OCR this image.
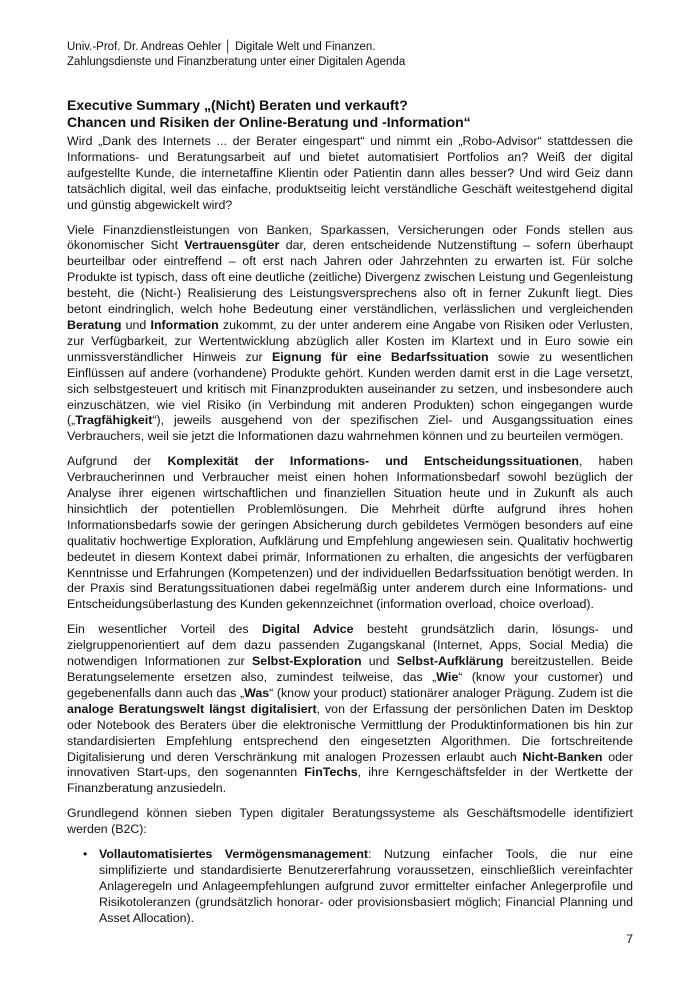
Univ.-Prof. Dr. Andreas Oehler │ Digitale Welt und Finanzen.
Zahlungsdienste und Finanzberatung unter einer Digitalen Agenda
Executive Summary „(Nicht) Beraten und verkauft?
Chancen und Risiken der Online-Beratung und -Information“

Wird „Dank des Internets ... der Berater eingespart“ und nimmt ein „Robo-Advisor“ stattdessen die Informations- und Beratungsarbeit auf und bietet automatisiert Portfolios an? Weiß der digital aufgestellte Kunde, die internetaffine Klientin oder Patientin dann alles besser? Und wird Geiz dann tatsächlich digital, weil das einfache, produktseitig leicht verständliche Geschäft weitestgehend digital und günstig abgewickelt wird?

Viele Finanzdienstleistungen von Banken, Sparkassen, Versicherungen oder Fonds stellen aus ökonomischer Sicht Vertrauensgüter dar, deren entscheidende Nutzenstiftung – sofern überhaupt beurteilbar oder eintreffend – oft erst nach Jahren oder Jahrzehnten zu erwarten ist. Für solche Produkte ist typisch, dass oft eine deutliche (zeitliche) Divergenz zwischen Leistung und Gegenleistung besteht, die (Nicht-) Realisierung des Leistungsversprechens also oft in ferner Zukunft liegt. Dies betont eindringlich, welch hohe Bedeutung einer verständlichen, verlässlichen und vergleichenden Beratung und Information zukommt, zu der unter anderem eine Angabe von Risiken oder Verlusten, zur Verfügbarkeit, zur Wertentwicklung abzüglich aller Kosten im Klartext und in Euro sowie ein unmissverständlicher Hinweis zur Eignung für eine Bedarfssituation sowie zu wesentlichen Einflüssen auf andere (vorhandene) Produkte gehört. Kunden werden damit erst in die Lage versetzt, sich selbstgesteuert und kritisch mit Finanzprodukten auseinander zu setzen, und insbesondere auch einzuschätzen, wie viel Risiko (in Verbindung mit anderen Produkten) schon eingegangen wurde („Tragfähigkeit“), jeweils ausgehend von der spezifischen Ziel- und Ausgangssituation eines Verbrauchers, weil sie jetzt die Informationen dazu wahrnehmen können und zu beurteilen vermögen.

Aufgrund der Komplexität der Informations- und Entscheidungssituationen, haben Verbraucherinnen und Verbraucher meist einen hohen Informationsbedarf sowohl bezüglich der Analyse ihrer eigenen wirtschaftlichen und finanziellen Situation heute und in Zukunft als auch hinsichtlich der potentiellen Problemlösungen. Die Mehrheit dürfte aufgrund ihres hohen Informationsbedarfs sowie der geringen Absicherung durch gebildetes Vermögen besonders auf eine qualitativ hochwertige Exploration, Aufklärung und Empfehlung angewiesen sein. Qualitativ hochwertig bedeutet in diesem Kontext dabei primär, Informationen zu erhalten, die angesichts der verfügbaren Kenntnisse und Erfahrungen (Kompetenzen) und der individuellen Bedarfssituation benötigt werden. In der Praxis sind Beratungssituationen dabei regelmäßig unter anderem durch eine Informations- und Entscheidungsüberlastung des Kunden gekennzeichnet (information overload, choice overload).

Ein wesentlicher Vorteil des Digital Advice besteht grundsätzlich darin, lösungs- und zielgruppenorientiert auf dem dazu passenden Zugangskanal (Internet, Apps, Social Media) die notwendigen Informationen zur Selbst-Exploration und Selbst-Aufklärung bereitzustellen. Beide Beratungselemente ersetzen also, zumindest teilweise, das „Wie“ (know your customer) und gegebenenfalls dann auch das „Was“ (know your product) stationärer analoger Prägung. Zudem ist die analoge Beratungswelt längst digitalisiert, von der Erfassung der persönlichen Daten im Desktop oder Notebook des Beraters über die elektronische Vermittlung der Produktinformationen bis hin zur standardisierten Empfehlung entsprechend den eingesetzten Algorithmen. Die fortschreitende Digitalisierung und deren Verschränkung mit analogen Prozessen erlaubt auch Nicht-Banken oder innovativen Start-ups, den sogenannten FinTechs, ihre Kerngeschäftsfelder in der Wertkette der Finanzberatung anzusiedeln.

Grundlegend können sieben Typen digitaler Beratungssysteme als Geschäftsmodelle identifiziert werden (B2C):

• Vollautomatisiertes Vermögensmanagement: Nutzung einfacher Tools, die nur eine simplifizierte und standardisierte Benutzererfahrung voraussetzen, einschließlich vereinfachter Anlageregeln und Anlageempfehlungen aufgrund zuvor ermittelter einfacher Anlegerprofile und Risikotoleranzen (grundsätzlich honorar- oder provisionsbasiert möglich; Financial Planning und Asset Allocation).
7
